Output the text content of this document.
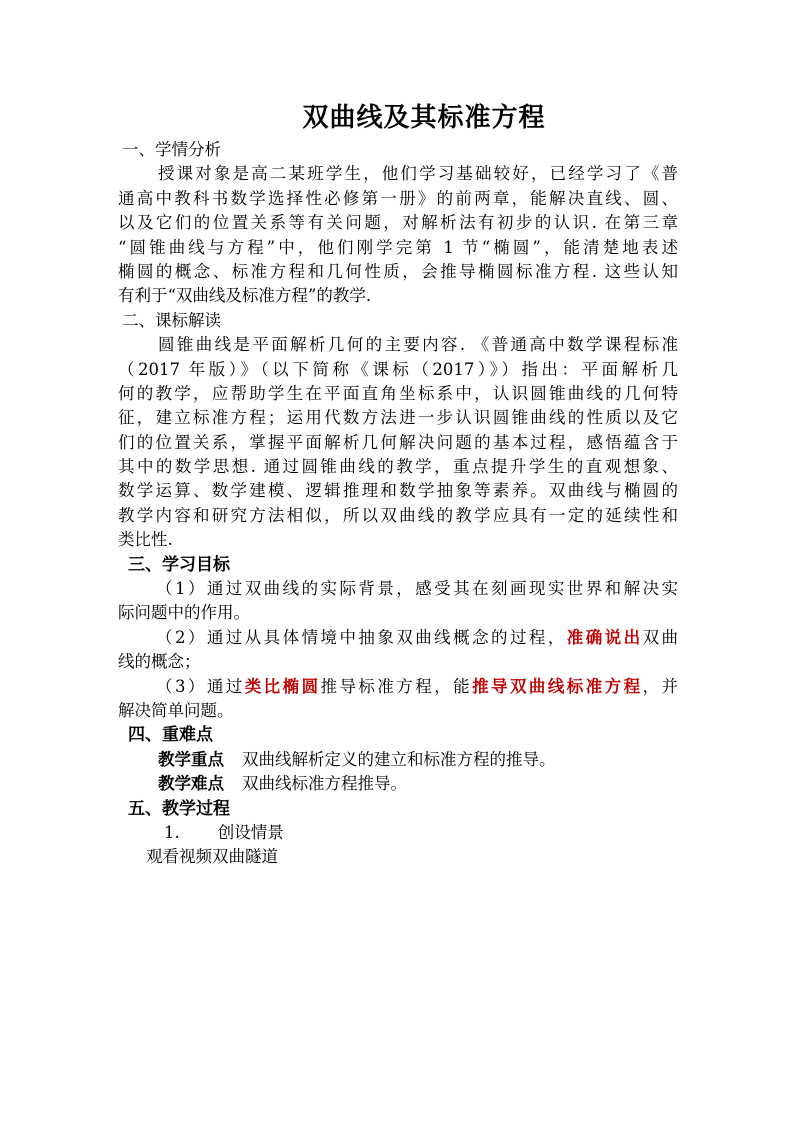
双曲线及其标准方程
一、学情分析
授课对象是高二某班学生，他们学习基础较好，已经学习了《普
通高中教科书数学选择性必修第一册》的前两章，能解决直线、圆、
以及它们的位置关系等有关问题，对解析法有初步的认识. 在第三章
“圆锥曲线与方程”中，他们刚学完第 1 节“椭圆”，能清楚地表述
椭圆的概念、标准方程和几何性质，会推导椭圆标准方程. 这些认知
有利于“双曲线及标准方程”的教学.
二、课标解读
圆锥曲线是平面解析几何的主要内容. 《普通高中数学课程标准
（2017 年版）》（以下简称《课标（2017）》）指出：平面解析几
何的教学，应帮助学生在平面直角坐标系中，认识圆锥曲线的几何特
征，建立标准方程；运用代数方法进一步认识圆锥曲线的性质以及它
们的位置关系，掌握平面解析几何解决问题的基本过程，感悟蕴含于
其中的数学思想. 通过圆锥曲线的教学，重点提升学生的直观想象、
数学运算、数学建模、逻辑推理和数学抽象等素养。双曲线与椭圆的
教学内容和研究方法相似，所以双曲线的教学应具有一定的延续性和
类比性.
三、学习目标
（1）通过双曲线的实际背景，感受其在刻画现实世界和解决实
际问题中的作用。
（2）通过从具体情境中抽象双曲线概念的过程，准确说出双曲
线的概念；
（3）通过类比椭圆推导标准方程，能推导双曲线标准方程，并
解决简单问题。
四、重难点
教学重点 双曲线解析定义的建立和标准方程的推导。
教学难点 双曲线标准方程推导。
五、教学过程
1. 创设情景
观看视频双曲隧道
